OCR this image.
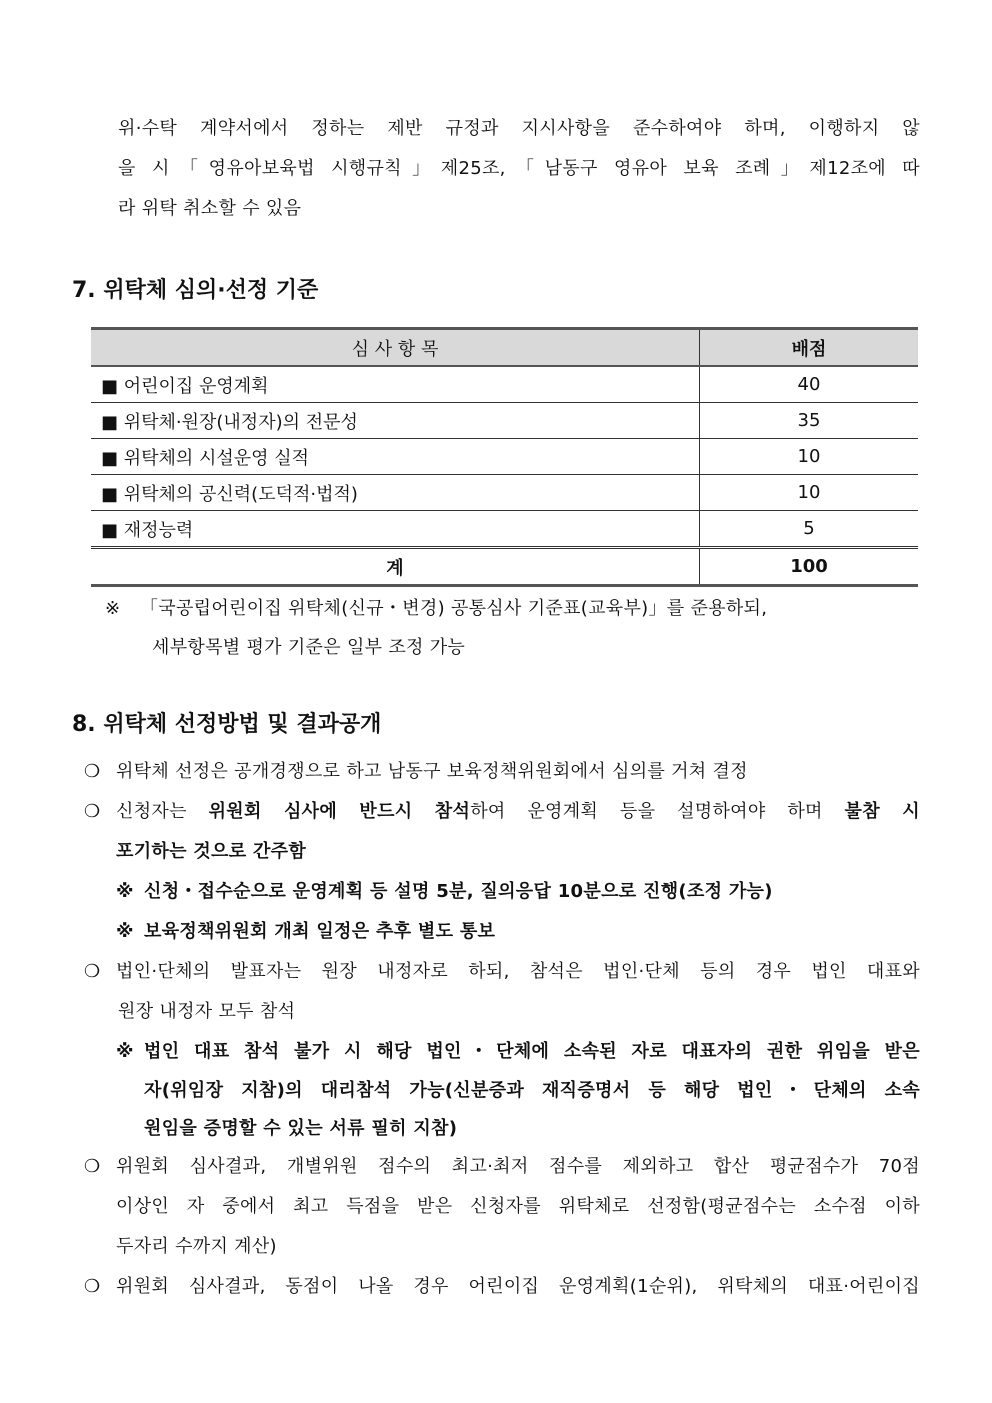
위·수탁 계약서에서 정하는 제반 규정과 지시사항을 준수하여야 하며, 이행하지 않
을 시「영유아보육법 시행규칙」제25조,「남동구 영유아 보육 조례」제12조에 따
라 위탁 취소할 수 있음
7. 위탁체 심의·선정 기준
심 사 항 목	배점
■ 어린이집 운영계획	40
■ 위탁체·원장(내정자)의 전문성	35
■ 위탁체의 시설운영 실적	10
■ 위탁체의 공신력(도덕적·법적)	10
■ 재정능력	5
계	100
※ 「국공립어린이집 위탁체(신규・변경) 공통심사 기준표(교육부)」를 준용하되,
세부항목별 평가 기준은 일부 조정 가능
8. 위탁체 선정방법 및 결과공개
❍ 위탁체 선정은 공개경쟁으로 하고 남동구 보육정책위원회에서 심의를 거쳐 결정
❍ 신청자는 위원회 심사에 반드시 참석하여 운영계획 등을 설명하여야 하며 불참 시
포기하는 것으로 간주함
※ 신청・접수순으로 운영계획 등 설명 5분, 질의응답 10분으로 진행(조정 가능)
※ 보육정책위원회 개최 일정은 추후 별도 통보
❍ 법인·단체의 발표자는 원장 내정자로 하되, 참석은 법인·단체 등의 경우 법인 대표와
원장 내정자 모두 참석
※ 법인 대표 참석 불가 시 해당 법인・단체에 소속된 자로 대표자의 권한 위임을 받은
자(위임장 지참)의 대리참석 가능(신분증과 재직증명서 등 해당 법인・단체의 소속
원임을 증명할 수 있는 서류 필히 지참)
❍ 위원회 심사결과, 개별위원 점수의 최고·최저 점수를 제외하고 합산 평균점수가 70점
이상인 자 중에서 최고 득점을 받은 신청자를 위탁체로 선정함(평균점수는 소수점 이하
두자리 수까지 계산)
❍ 위원회 심사결과, 동점이 나올 경우 어린이집 운영계획(1순위), 위탁체의 대표·어린이집
